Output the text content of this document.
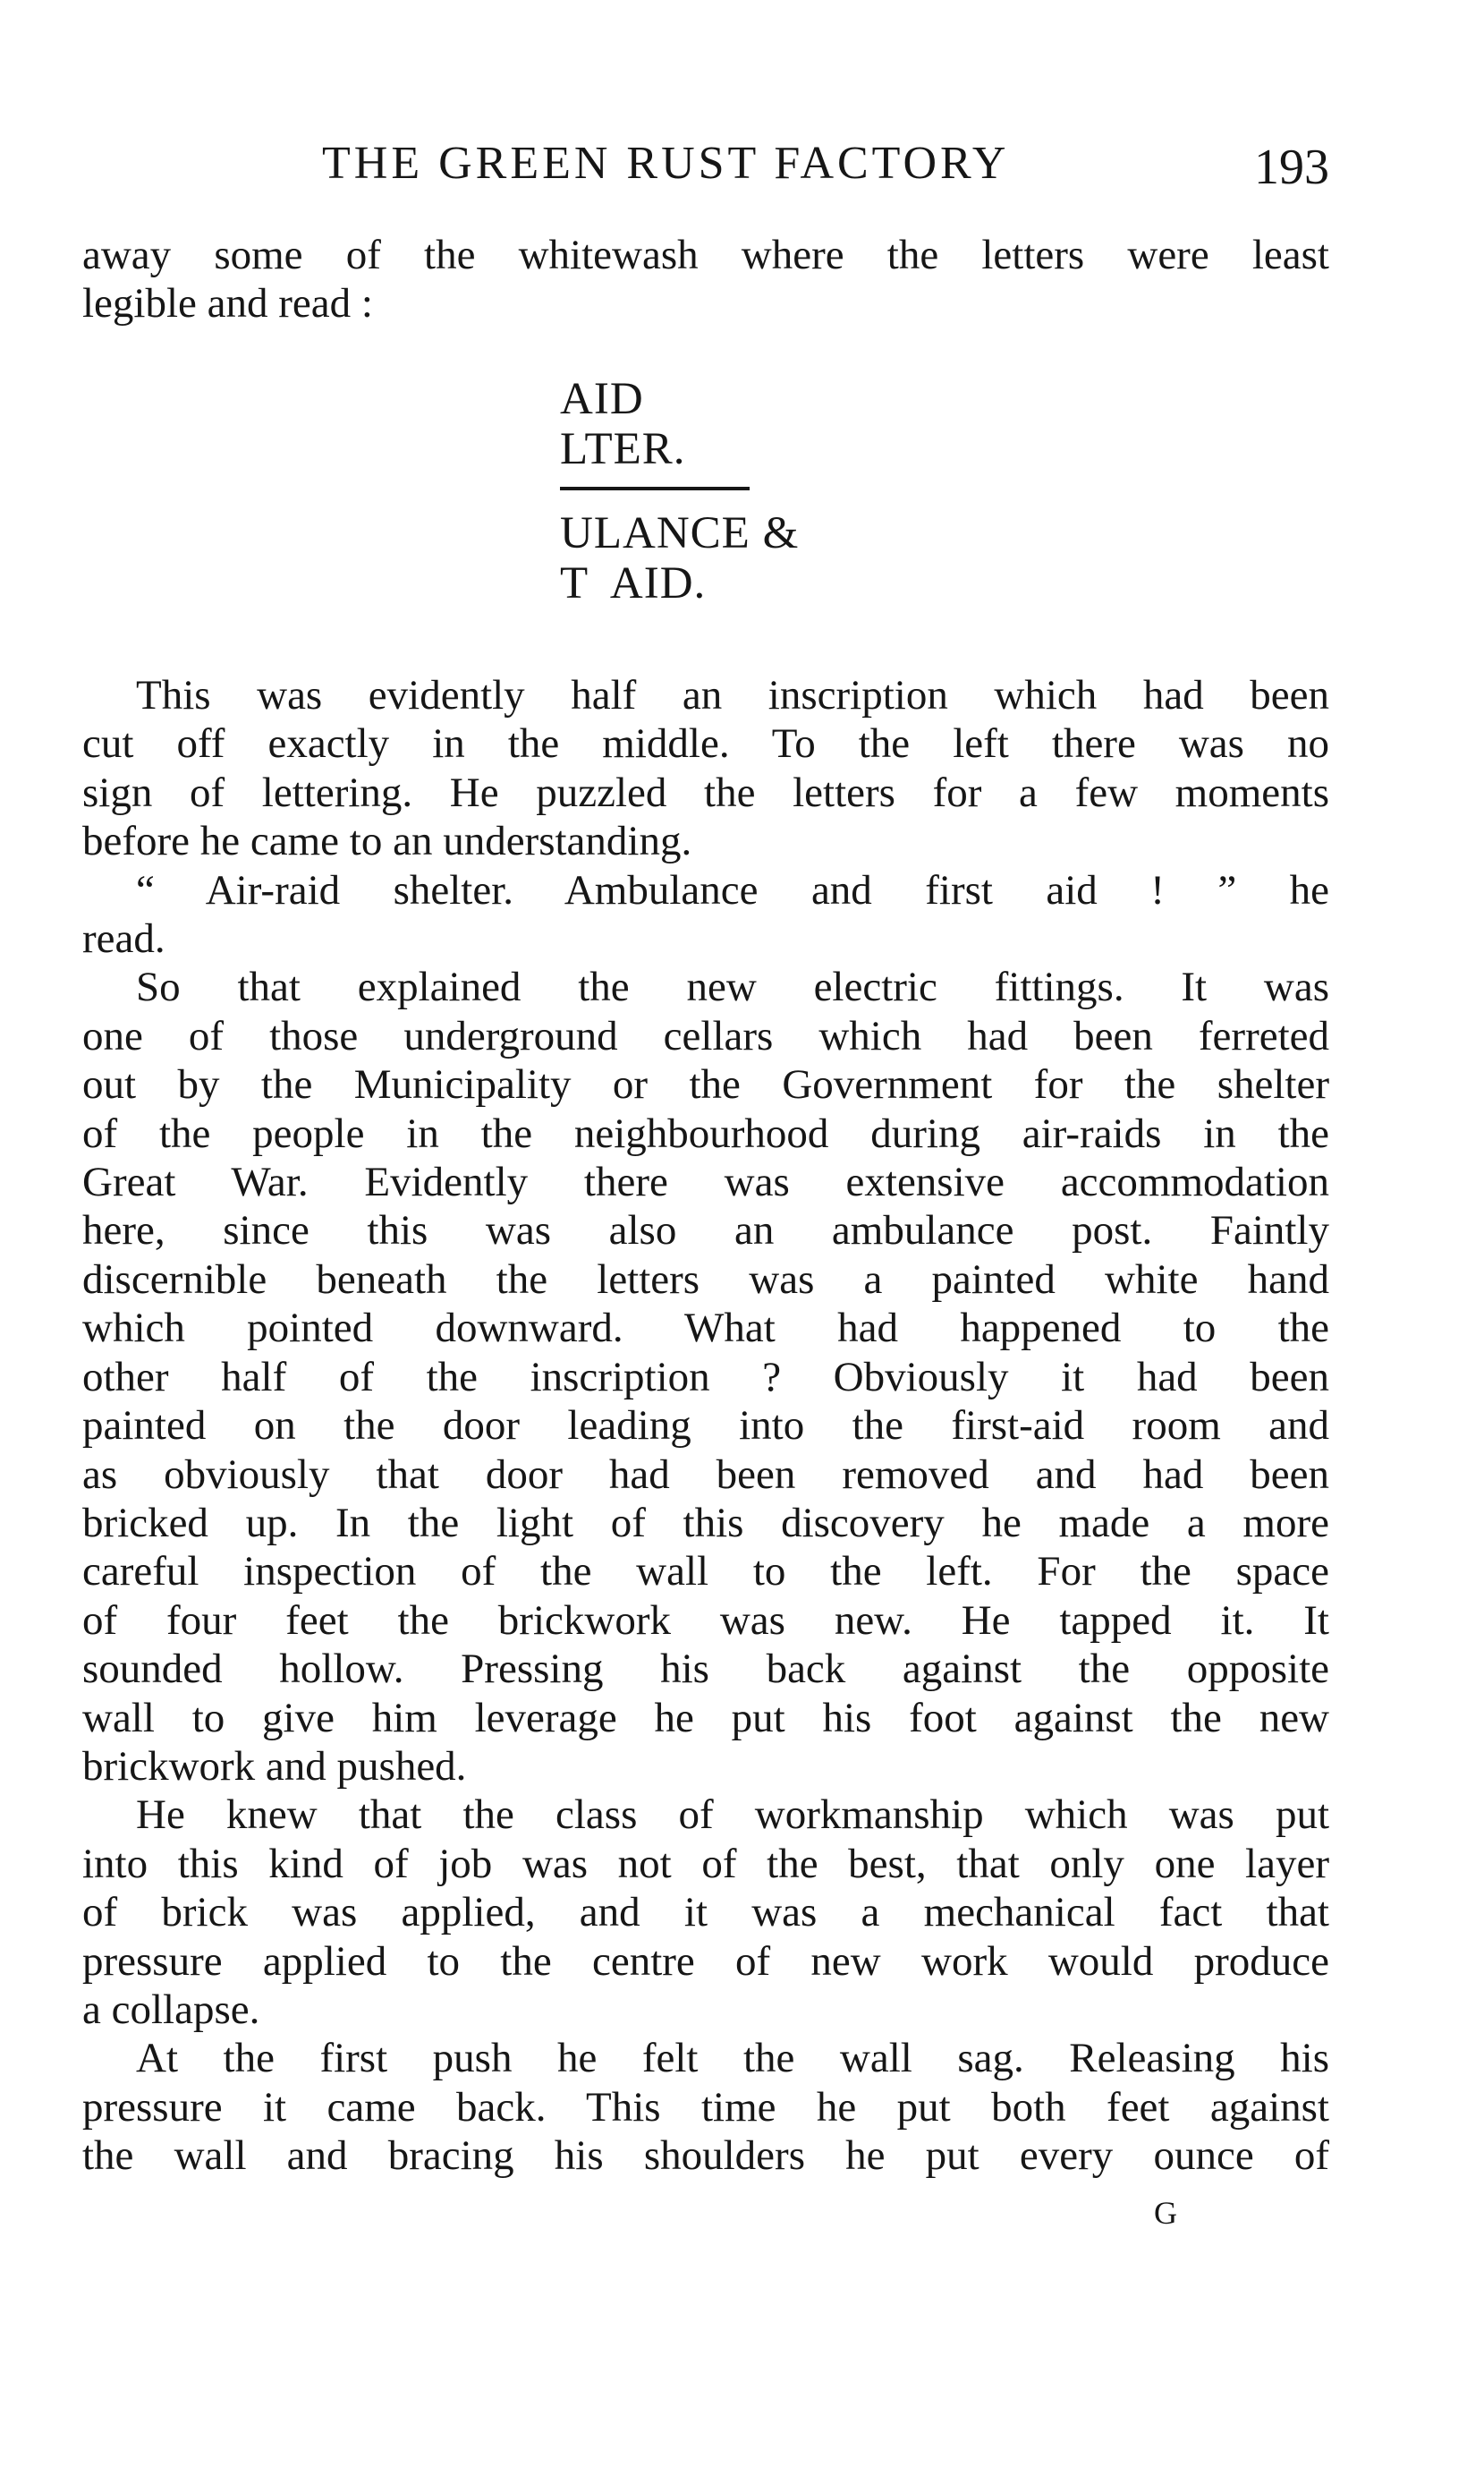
THE GREEN RUST FACTORY	193

away some of the whitewash where the letters were least
legible and read :

AID
LTER.
ULANCE &
T  AID.

This was evidently half an inscription which had been
cut off exactly in the middle. To the left there was no
sign of lettering. He puzzled the letters for a few moments
before he came to an understanding.

“ Air-raid shelter. Ambulance and first aid ! ” he
read.

So that explained the new electric fittings. It was
one of those underground cellars which had been ferreted
out by the Municipality or the Government for the shelter
of the people in the neighbourhood during air-raids in the
Great War. Evidently there was extensive accommodation
here, since this was also an ambulance post. Faintly
discernible beneath the letters was a painted white hand
which pointed downward. What had happened to the
other half of the inscription ? Obviously it had been
painted on the door leading into the first-aid room and
as obviously that door had been removed and had been
bricked up. In the light of this discovery he made a more
careful inspection of the wall to the left. For the space
of four feet the brickwork was new. He tapped it. It
sounded hollow. Pressing his back against the opposite
wall to give him leverage he put his foot against the new
brickwork and pushed.

He knew that the class of workmanship which was put
into this kind of job was not of the best, that only one layer
of brick was applied, and it was a mechanical fact that
pressure applied to the centre of new work would produce
a collapse.

At the first push he felt the wall sag. Releasing his
pressure it came back. This time he put both feet against
the wall and bracing his shoulders he put every ounce of

G
